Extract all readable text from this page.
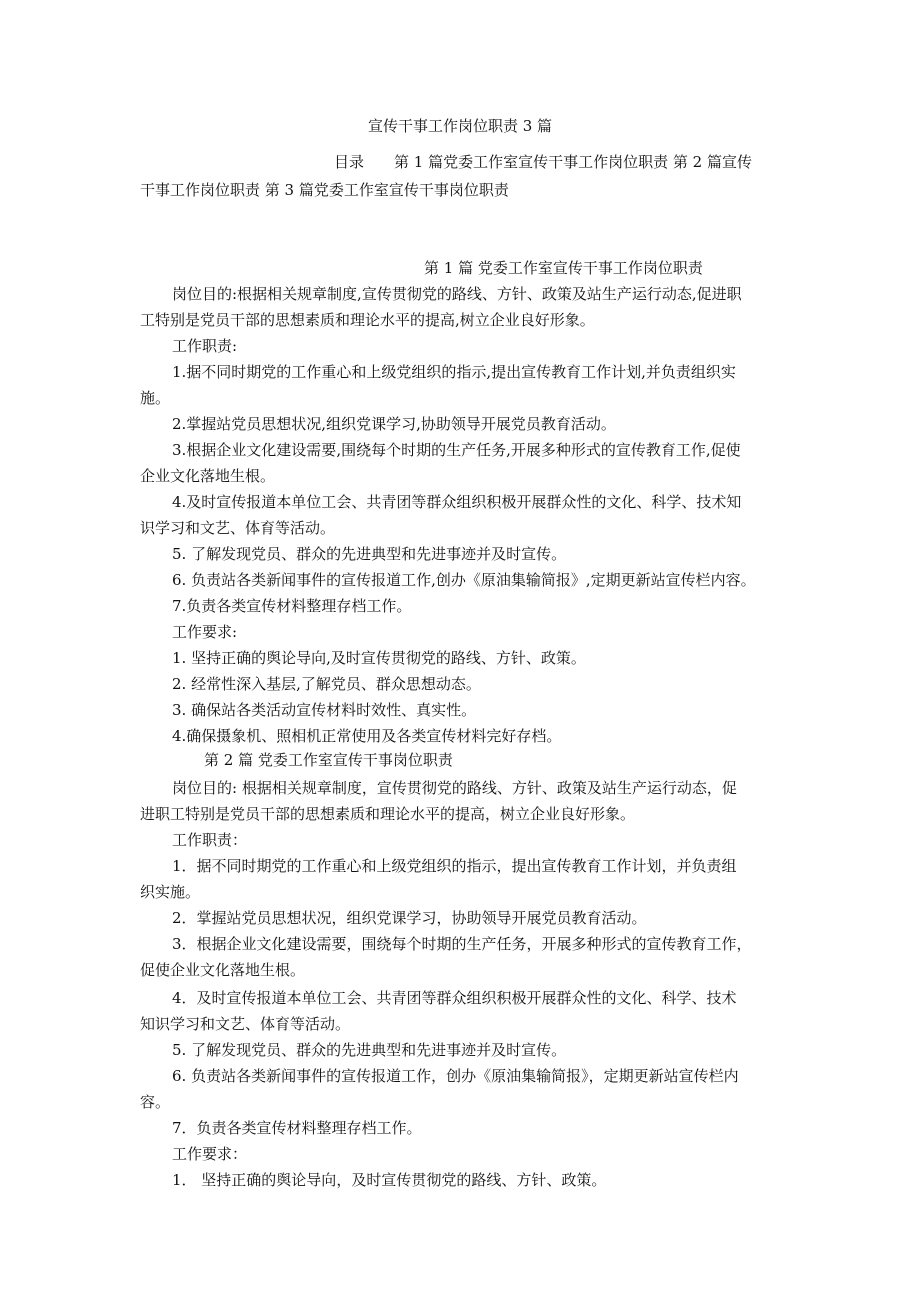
宣传干事工作岗位职责 3 篇
目录 第 1 篇党委工作室宣传干事工作岗位职责 第 2 篇宣传
干事工作岗位职责 第 3 篇党委工作室宣传干事岗位职责
第 1 篇 党委工作室宣传干事工作岗位职责
岗位目的:根据相关规章制度,宣传贯彻党的路线、方针、政策及站生产运行动态,促进职
工特别是党员干部的思想素质和理论水平的提高,树立企业良好形象。
工作职责:
1.据不同时期党的工作重心和上级党组织的指示,提出宣传教育工作计划,并负责组织实
施。
2.掌握站党员思想状况,组织党课学习,协助领导开展党员教育活动。
3.根据企业文化建设需要,围绕每个时期的生产任务,开展多种形式的宣传教育工作,促使
企业文化落地生根。
4.及时宣传报道本单位工会、共青团等群众组织积极开展群众性的文化、科学、技术知
识学习和文艺、体育等活动。
5. 了解发现党员、群众的先进典型和先进事迹并及时宣传。
6. 负责站各类新闻事件的宣传报道工作,创办《原油集输简报》,定期更新站宣传栏内容。
7.负责各类宣传材料整理存档工作。
工作要求:
1. 坚持正确的舆论导向,及时宣传贯彻党的路线、方针、政策。
2. 经常性深入基层,了解党员、群众思想动态。
3. 确保站各类活动宣传材料时效性、真实性。
4.确保摄象机、照相机正常使用及各类宣传材料完好存档。
第 2 篇 党委工作室宣传干事岗位职责
岗位目的: 根据相关规章制度，宣传贯彻党的路线、方针、政策及站生产运行动态，促
进职工特别是党员干部的思想素质和理论水平的提高，树立企业良好形象。
工作职责：
1．据不同时期党的工作重心和上级党组织的指示，提出宣传教育工作计划，并负责组
织实施。
2．掌握站党员思想状况，组织党课学习，协助领导开展党员教育活动。
3．根据企业文化建设需要，围绕每个时期的生产任务，开展多种形式的宣传教育工作，
促使企业文化落地生根。
4．及时宣传报道本单位工会、共青团等群众组织积极开展群众性的文化、科学、技术
知识学习和文艺、体育等活动。
5. 了解发现党员、群众的先进典型和先进事迹并及时宣传。
6. 负责站各类新闻事件的宣传报道工作，创办《原油集输简报》，定期更新站宣传栏内
容。
7．负责各类宣传材料整理存档工作。
工作要求：
1． 坚持正确的舆论导向，及时宣传贯彻党的路线、方针、政策。
